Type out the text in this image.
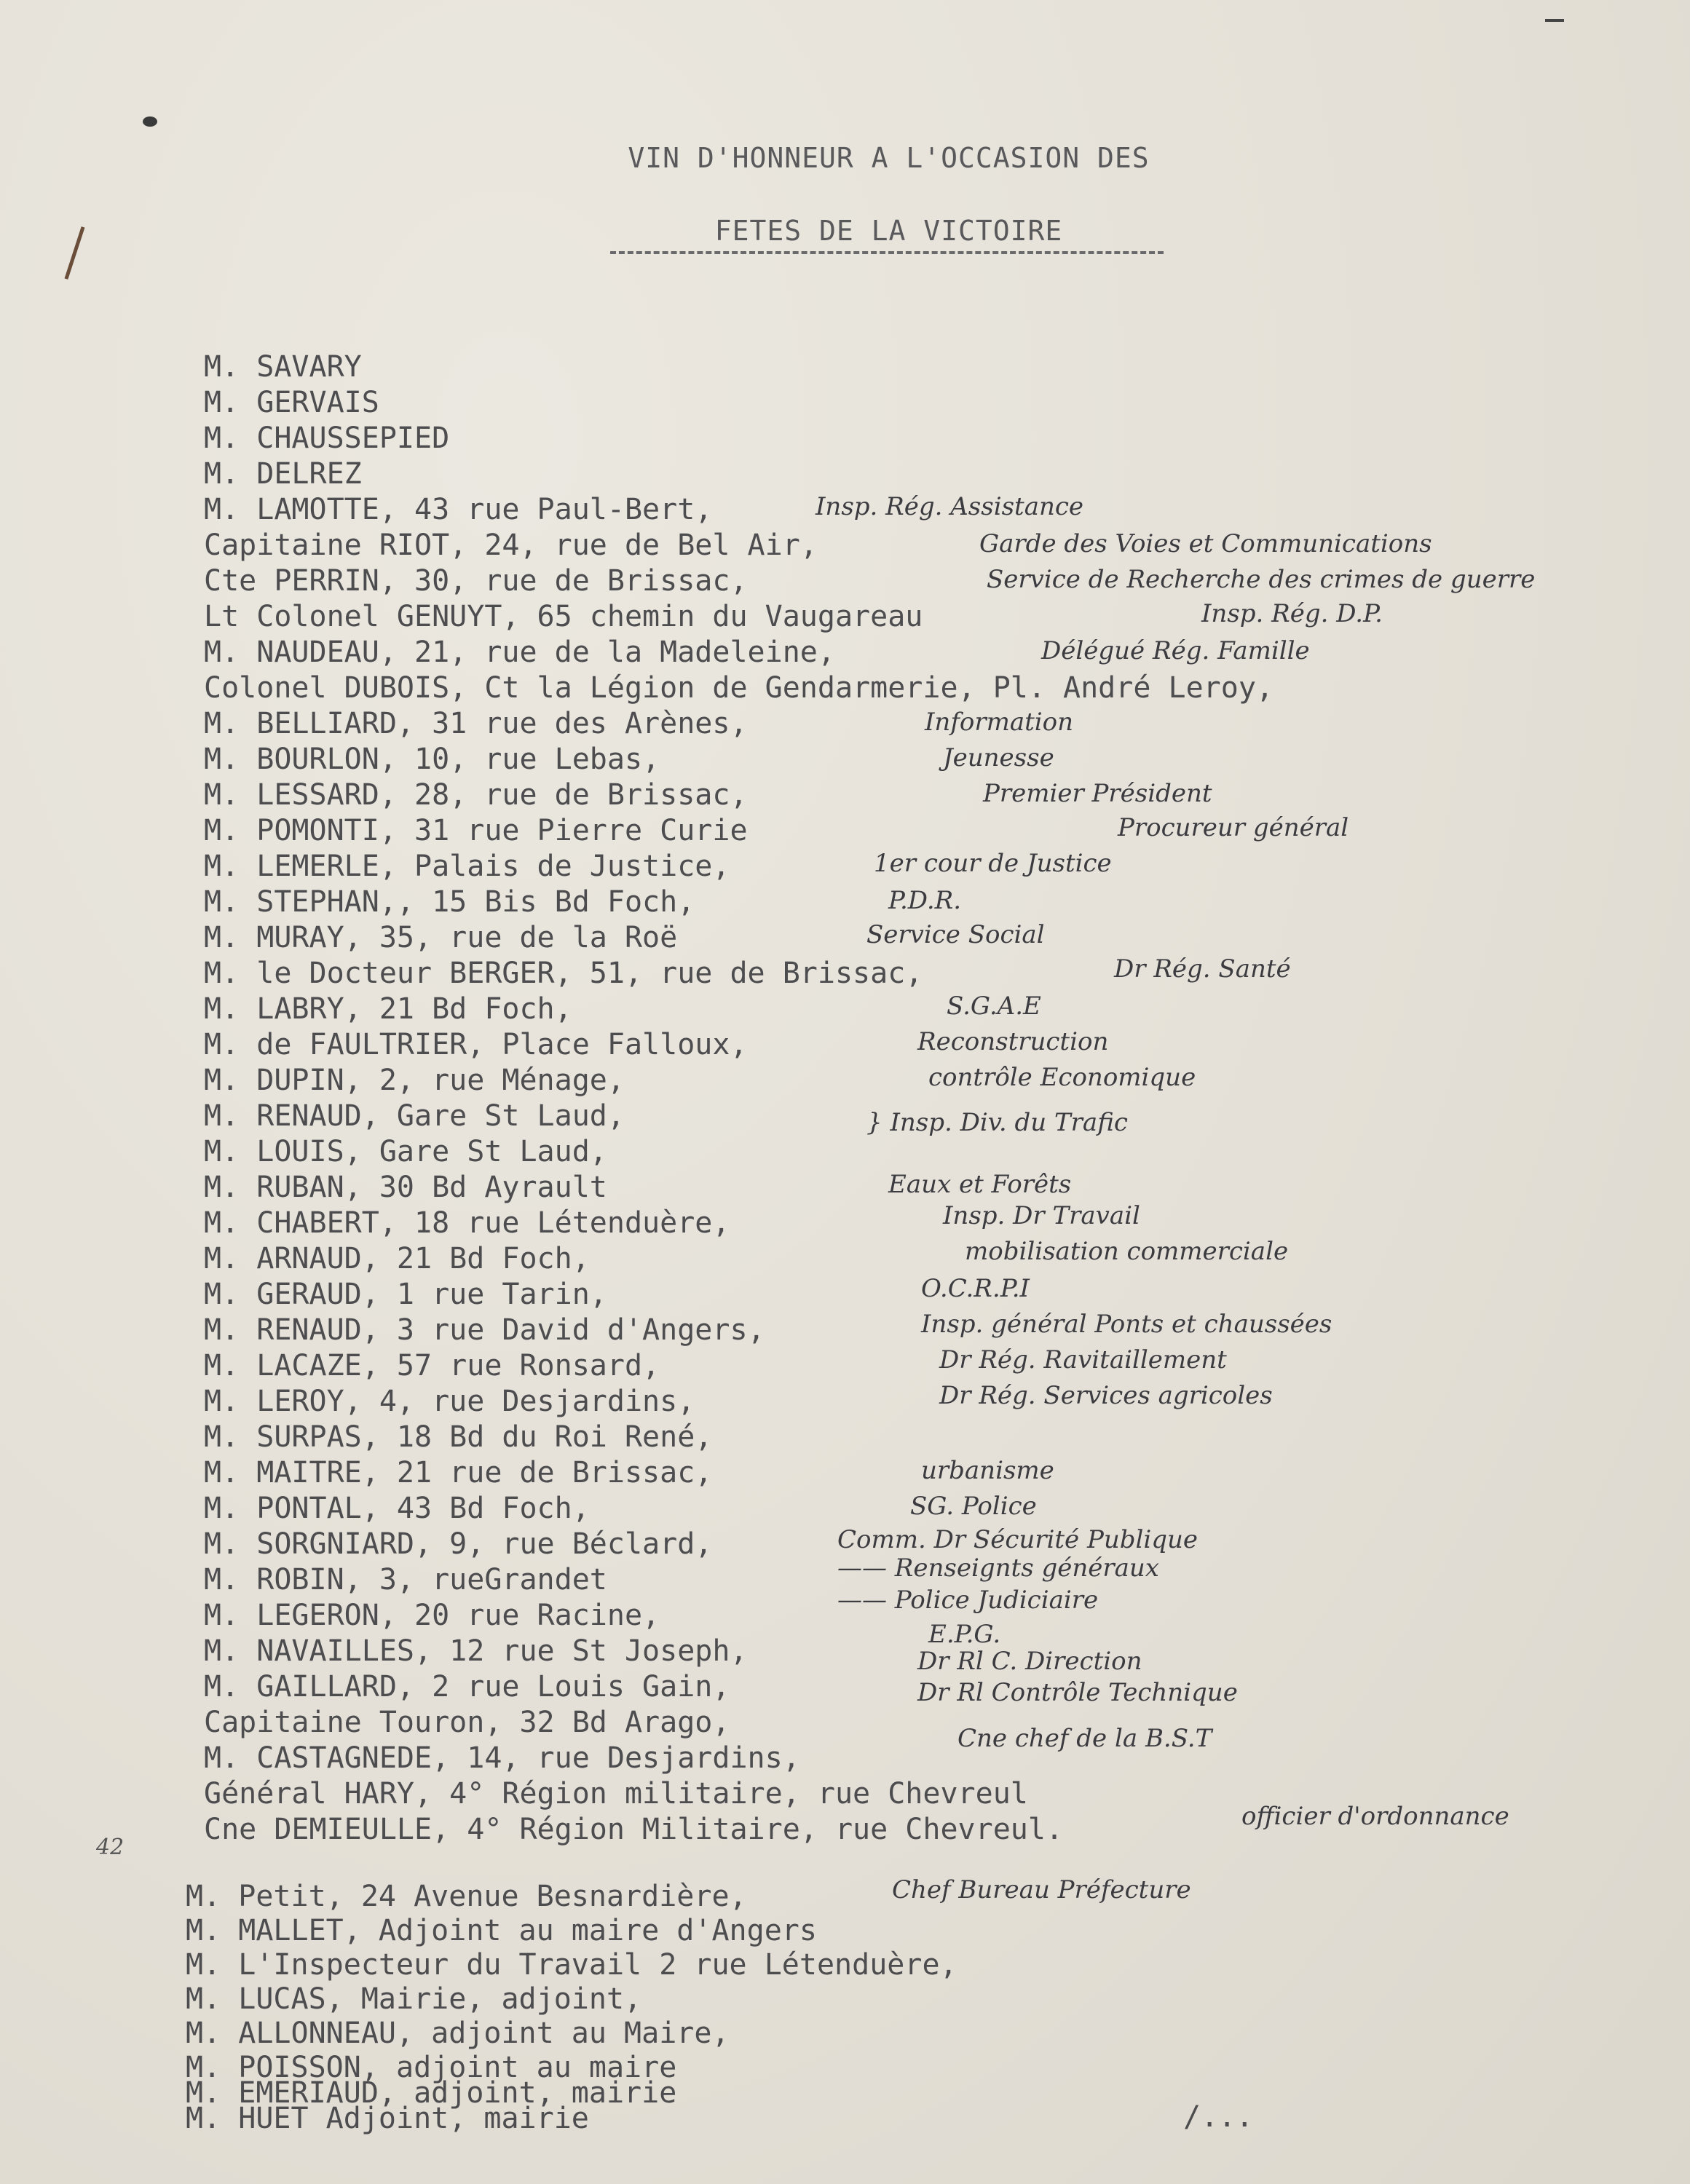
VIN D'HONNEUR A L'OCCASION DES
FETES DE LA VICTOIRE
M. SAVARY
M. GERVAIS
M. CHAUSSEPIED
M. DELREZ
M. LAMOTTE, 43 rue Paul-Bert,
Capitaine RIOT, 24, rue de Bel Air,
Cte PERRIN, 30, rue de Brissac,
Lt Colonel GENUYT, 65 chemin du Vaugareau
M. NAUDEAU, 21, rue de la Madeleine,
Colonel DUBOIS, Ct la Légion de Gendarmerie, Pl. André Leroy,
M. BELLIARD, 31 rue des Arènes,
M. BOURLON, 10, rue Lebas,
M. LESSARD, 28, rue de Brissac,
M. POMONTI, 31 rue Pierre Curie
M. LEMERLE, Palais de Justice,
M. STEPHAN,, 15 Bis Bd Foch,
M. MURAY, 35, rue de la Roë
M. le Docteur BERGER, 51, rue de Brissac,
M. LABRY, 21 Bd Foch,
M. de FAULTRIER, Place Falloux,
M. DUPIN, 2, rue Ménage,
M. RENAUD, Gare St Laud,
M. LOUIS, Gare St Laud,
M. RUBAN, 30 Bd Ayrault
M. CHABERT, 18 rue Létenduère,
M. ARNAUD, 21 Bd Foch,
M. GERAUD, 1 rue Tarin,
M. RENAUD, 3 rue David d'Angers,
M. LACAZE, 57 rue Ronsard,
M. LEROY, 4, rue Desjardins,
M. SURPAS, 18 Bd du Roi René,
M. MAITRE, 21 rue de Brissac,
M. PONTAL, 43 Bd Foch,
M. SORGNIARD, 9, rue Béclard,
M. ROBIN, 3, rueGrandet
M. LEGERON, 20 rue Racine,
M. NAVAILLES, 12 rue St Joseph,
M. GAILLARD, 2 rue Louis Gain,
Capitaine Touron, 32 Bd Arago,
M. CASTAGNEDE, 14, rue Desjardins,
Général HARY, 4° Région militaire, rue Chevreul
Cne DEMIEULLE, 4° Région Militaire, rue Chevreul.
Insp. Rég. Assistance
Garde des Voies et Communications
Service de Recherche des crimes de guerre
Insp. Rég. D.P.
Délégué Rég. Famille
Information
Jeunesse
Premier Président
Procureur général
1er cour de Justice
P.D.R.
Service Social
Dr Rég. Santé
S.G.A.E
Reconstruction
contrôle Economique
} Insp. Div. du Trafic
Eaux et Forêts
Insp. Dr Travail
mobilisation commerciale
O.C.R.P.I
Insp. général Ponts et chaussées
Dr Rég. Ravitaillement
Dr Rég. Services agricoles
urbanisme
SG. Police
Comm. Dr Sécurité Publique
—— Renseignts généraux
—— Police Judiciaire
E.P.G.
Dr Rl C. Direction
Dr Rl Contrôle Technique
Cne chef de la B.S.T
officier d'ordonnance
42
M. Petit, 24 Avenue Besnardière,
M. MALLET, Adjoint au maire d'Angers
M. L'Inspecteur du Travail 2 rue Létenduère,
M. LUCAS, Mairie, adjoint,
M. ALLONNEAU, adjoint au Maire,
M. POISSON, adjoint au maire
M. EMERIAUD, adjoint, mairie
M. HUET Adjoint, mairie
Chef Bureau Préfecture
/...
